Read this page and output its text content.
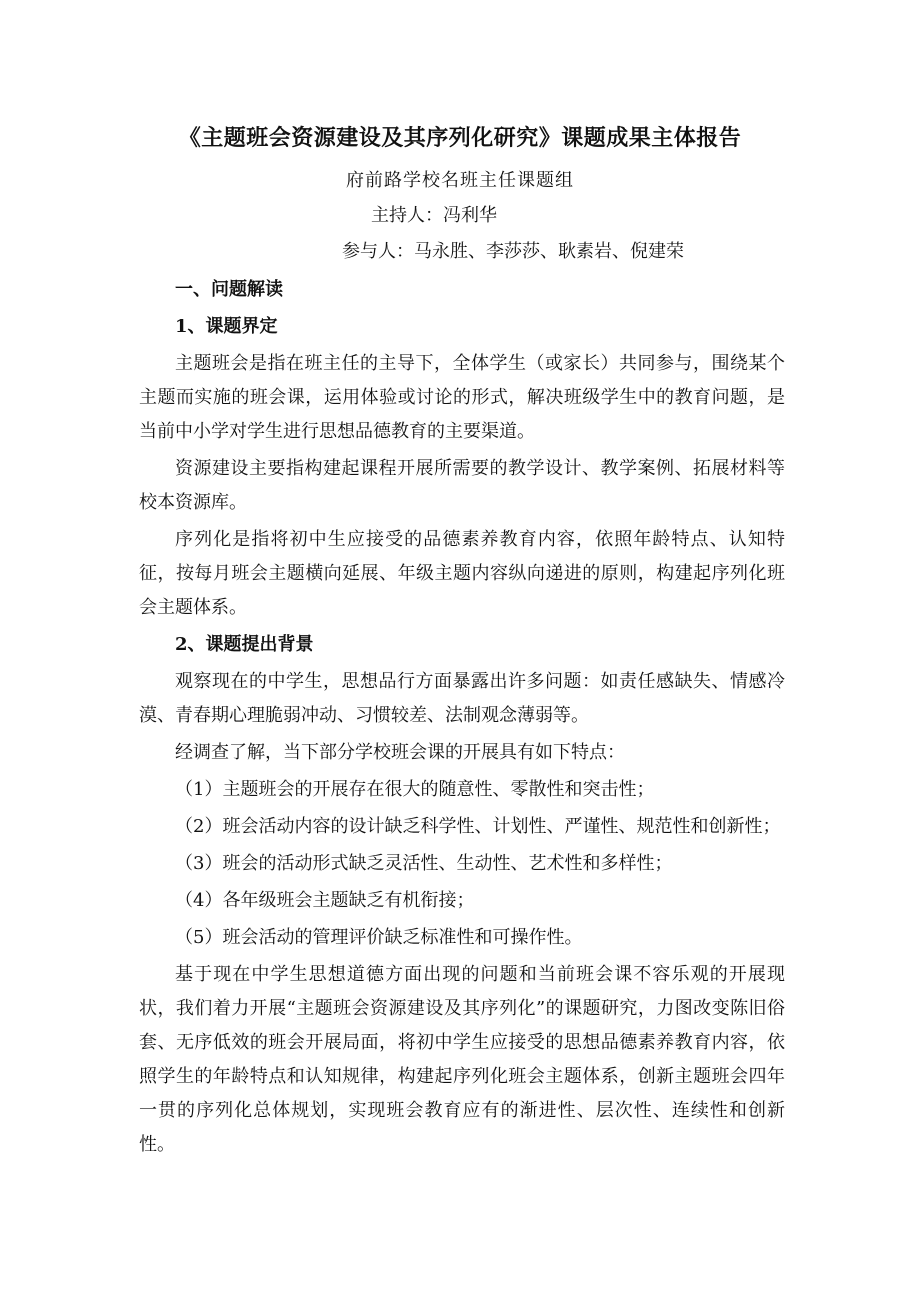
《主题班会资源建设及其序列化研究》课题成果主体报告
府前路学校名班主任课题组
主持人：冯利华
参与人：马永胜、李莎莎、耿素岩、倪建荣
一、问题解读
1、课题界定
主题班会是指在班主任的主导下，全体学生（或家长）共同参与，围绕某个主题而实施的班会课，运用体验或讨论的形式，解决班级学生中的教育问题，是当前中小学对学生进行思想品德教育的主要渠道。
资源建设主要指构建起课程开展所需要的教学设计、教学案例、拓展材料等校本资源库。
序列化是指将初中生应接受的品德素养教育内容，依照年龄特点、认知特征，按每月班会主题横向延展、年级主题内容纵向递进的原则，构建起序列化班会主题体系。
2、课题提出背景
观察现在的中学生，思想品行方面暴露出许多问题：如责任感缺失、情感冷漠、青春期心理脆弱冲动、习惯较差、法制观念薄弱等。
经调查了解，当下部分学校班会课的开展具有如下特点：
（1）主题班会的开展存在很大的随意性、零散性和突击性；
（2）班会活动内容的设计缺乏科学性、计划性、严谨性、规范性和创新性；
（3）班会的活动形式缺乏灵活性、生动性、艺术性和多样性；
（4）各年级班会主题缺乏有机衔接；
（5）班会活动的管理评价缺乏标准性和可操作性。
基于现在中学生思想道德方面出现的问题和当前班会课不容乐观的开展现状，我们着力开展“主题班会资源建设及其序列化”的课题研究，力图改变陈旧俗套、无序低效的班会开展局面，将初中学生应接受的思想品德素养教育内容，依照学生的年龄特点和认知规律，构建起序列化班会主题体系，创新主题班会四年一贯的序列化总体规划，实现班会教育应有的渐进性、层次性、连续性和创新性。
